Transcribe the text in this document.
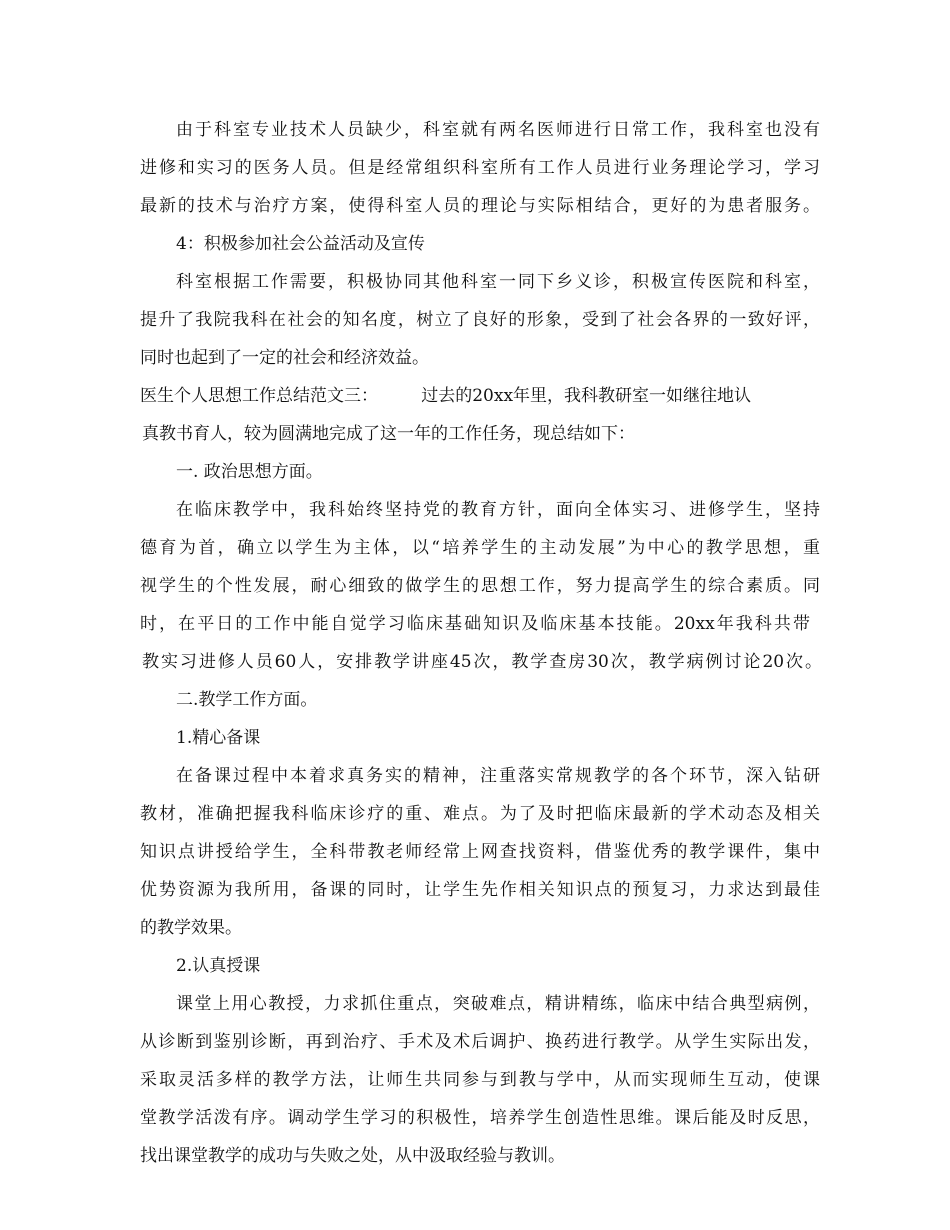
由于科室专业技术人员缺少，科室就有两名医师进行日常工作，我科室也没有
进修和实习的医务人员。但是经常组织科室所有工作人员进行业务理论学习，学习
最新的技术与治疗方案，使得科室人员的理论与实际相结合，更好的为患者服务。
4：积极参加社会公益活动及宣传
科室根据工作需要，积极协同其他科室一同下乡义诊，积极宣传医院和科室，
提升了我院我科在社会的知名度，树立了良好的形象，受到了社会各界的一致好评，
同时也起到了一定的社会和经济效益。
医生个人思想工作总结范文三：        过去的20xx年里，我科教研室一如继往地认
真教书育人，较为圆满地完成了这一年的工作任务，现总结如下：
一. 政治思想方面。
在临床教学中，我科始终坚持党的教育方针，面向全体实习、进修学生，坚持
德育为首，确立以学生为主体，以“培养学生的主动发展”为中心的教学思想，重
视学生的个性发展，耐心细致的做学生的思想工作，努力提高学生的综合素质。同
时，在平日的工作中能自觉学习临床基础知识及临床基本技能。20xx年我科共带
教实习进修人员60人，安排教学讲座45次，教学查房30次，教学病例讨论20次。
二.教学工作方面。
1.精心备课
在备课过程中本着求真务实的精神，注重落实常规教学的各个环节，深入钻研
教材，准确把握我科临床诊疗的重、难点。为了及时把临床最新的学术动态及相关
知识点讲授给学生，全科带教老师经常上网查找资料，借鉴优秀的教学课件，集中
优势资源为我所用，备课的同时，让学生先作相关知识点的预复习，力求达到最佳
的教学效果。
2.认真授课
课堂上用心教授，力求抓住重点，突破难点，精讲精练，临床中结合典型病例，
从诊断到鉴别诊断，再到治疗、手术及术后调护、换药进行教学。从学生实际出发，
采取灵活多样的教学方法，让师生共同参与到教与学中，从而实现师生互动，使课
堂教学活泼有序。调动学生学习的积极性，培养学生创造性思维。课后能及时反思，
找出课堂教学的成功与失败之处，从中汲取经验与教训。
